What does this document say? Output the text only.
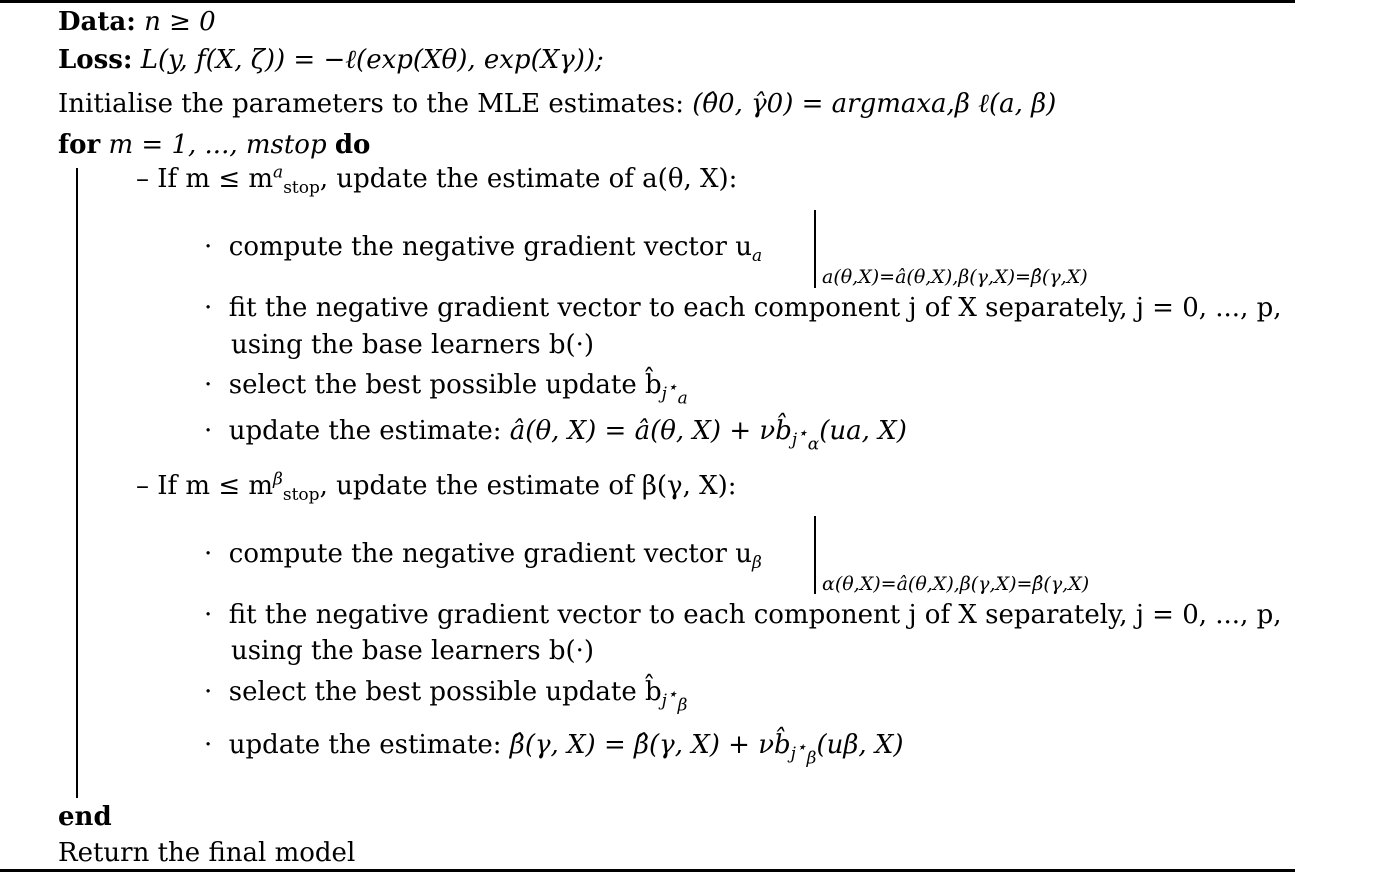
Data: n ≥ 0
Loss: L(y, f(X, ζ)) = −ℓ(exp(Xθ), exp(Xγ));
Initialise the parameters to the MLE estimates: (θ̂0, γ̂0) = argmaxa,β ℓ(a, β)
for m = 1, ..., mstop do
– If $m \le m^a_{stop}$, update the estimate of a(θ, X):
· compute the negative gradient vector $u_a$
a(θ,X)=â(θ,X),β(γ,X)=β̂(γ,X)
· fit the negative gradient vector to each component j of X separately, j = 0, ..., p,
using the base learners b(·)
· select the best possible update $b̂_{j^⋆_a}$
· update the estimate: â(θ, X) = â(θ, $X) + \nu b̂_{j^⋆_\alpha}(ua$, X)
– If $m \le m^\beta_{stop}$, update the estimate of β(γ, X):
· compute the negative gradient vector $u_\beta$
α(θ,X)=â(θ,X),β(γ,X)=β̂(γ,X)
· fit the negative gradient vector to each component j of X separately, j = 0, ..., p,
using the base learners b(·)
· select the best possible update $b̂_{j^⋆_\beta}$
· update the estimate: β̂(γ, X) = β̂(γ, $X) + \nu b̂_{j^⋆_\beta}(u\beta$, X)
end
Return the final model
